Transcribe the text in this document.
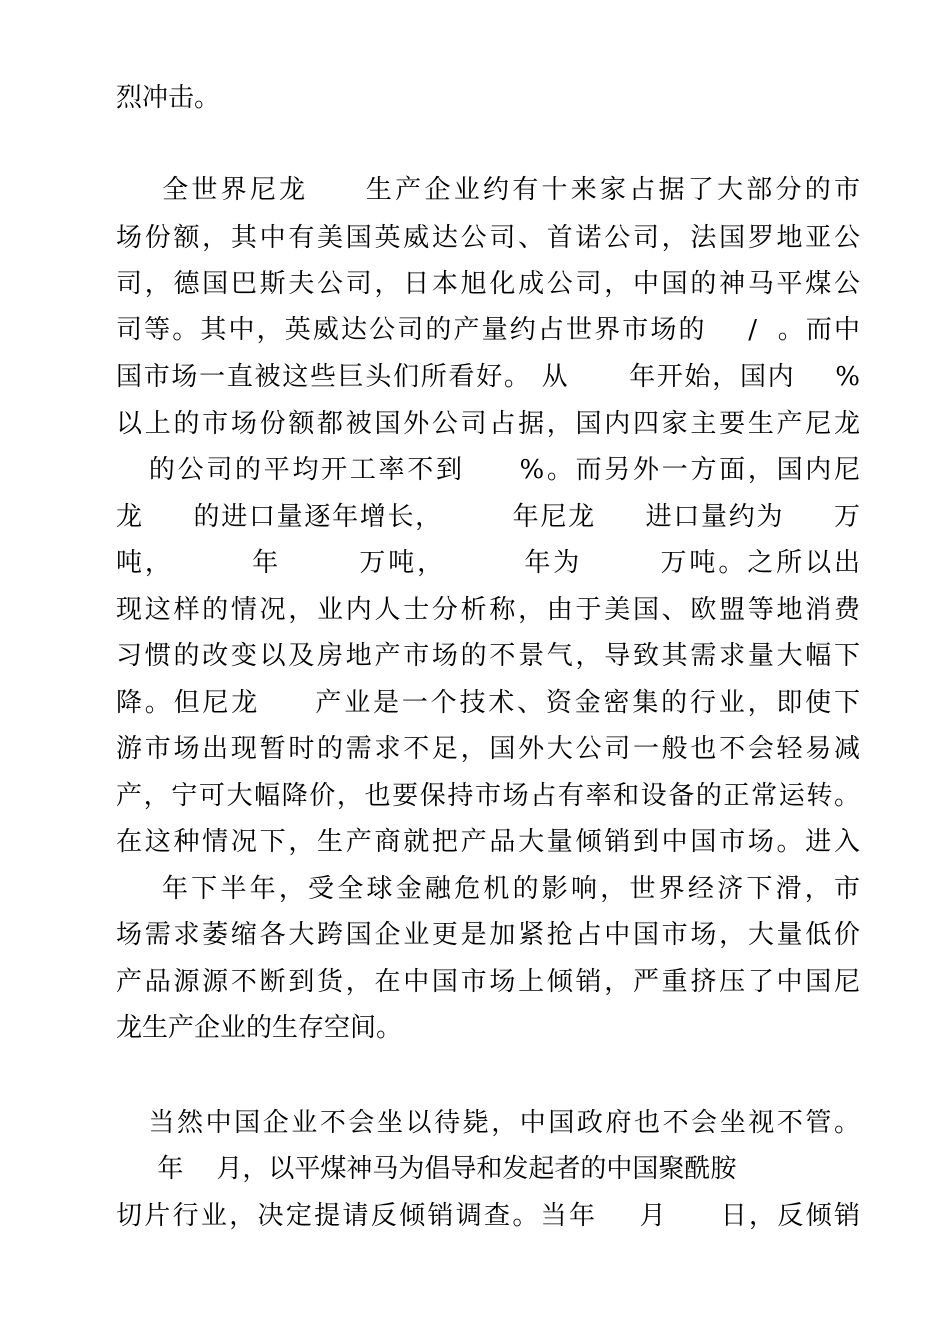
烈冲击。
全世界尼龙     生产企业约有十来家占据了大部分的市
场份额，其中有美国英威达公司、首诺公司，法国罗地亚公
司，德国巴斯夫公司，日本旭化成公司，中国的神马平煤公
司等。其中，英威达公司的产量约占世界市场的    /  。而中
国市场一直被这些巨头们所看好。 从      年开始，国内    %
以上的市场份额都被国外公司占据，国内四家主要生产尼龙
的公司的平均开工率不到     %。而另外一方面，国内尼
龙     的进口量逐年增长，       年尼龙     进口量约为     万
吨，       年       万吨，       年为       万吨。之所以出
现这样的情况，业内人士分析称，由于美国、欧盟等地消费
习惯的改变以及房地产市场的不景气，导致其需求量大幅下
降。但尼龙     产业是一个技术、资金密集的行业，即使下
游市场出现暂时的需求不足，国外大公司一般也不会轻易减
产，宁可大幅降价，也要保持市场占有率和设备的正常运转。
在这种情况下，生产商就把产品大量倾销到中国市场。进入
年下半年，受全球金融危机的影响，世界经济下滑，市
场需求萎缩各大跨国企业更是加紧抢占中国市场，大量低价
产品源源不断到货，在中国市场上倾销，严重挤压了中国尼
龙生产企业的生存空间。
当然中国企业不会坐以待毙，中国政府也不会坐视不管。
年    月，以平煤神马为倡导和发起者的中国聚酰胺
切片行业，决定提请反倾销调查。当年    月     日，反倾销
